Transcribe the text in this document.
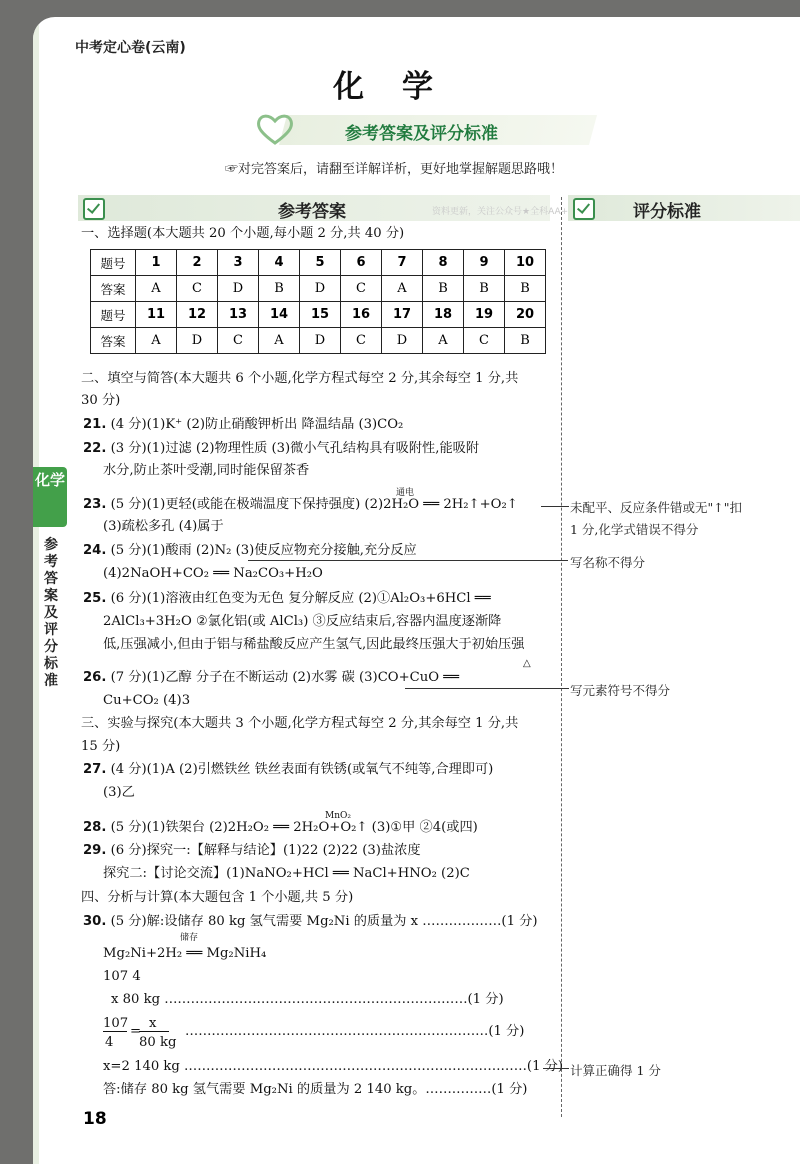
中考定心卷(云南)
化学
参考答案及评分标准
☞对完答案后，请翻至详解详析，更好地掌握解题思路哦！
参考答案	资料更新，关注公众号★全科AA+	评分标准
化学
参考答案及评分标准
一、选择题(本大题共 20 个小题,每小题 2 分,共 40 分)
题号	1	2	3	4	5	6	7	8	9	10
答案	A	C	D	B	D	C	A	B	B	B
题号	11	12	13	14	15	16	17	18	19	20
答案	A	D	C	A	D	C	D	A	C	B
二、填空与简答(本大题共 6 个小题,化学方程式每空 2 分,其余每空 1 分,共
30 分)
21. (4 分)(1)K⁺ (2)防止硝酸钾析出 降温结晶 (3)CO₂
22. (3 分)(1)过滤 (2)物理性质 (3)微小气孔结构具有吸附性,能吸附
水分,防止茶叶受潮,同时能保留茶香
通电
23. (5 分)(1)更轻(或能在极端温度下保持强度) (2)2H₂O ══ 2H₂↑+O₂↑
(3)疏松多孔 (4)属于
24. (5 分)(1)酸雨 (2)N₂ (3)使反应物充分接触,充分反应
(4)2NaOH+CO₂ ══ Na₂CO₃+H₂O
25. (6 分)(1)溶液由红色变为无色 复分解反应 (2)①Al₂O₃+6HCl ══
2AlCl₃+3H₂O ②氯化铝(或 AlCl₃) ③反应结束后,容器内温度逐渐降
低,压强减小,但由于铝与稀盐酸反应产生氢气,因此最终压强大于初始压强
△
26. (7 分)(1)乙醇 分子在不断运动 (2)水雾 碳 (3)CO+CuO ══
Cu+CO₂ (4)3
三、实验与探究(本大题共 3 个小题,化学方程式每空 2 分,其余每空 1 分,共
15 分)
27. (4 分)(1)A (2)引燃铁丝 铁丝表面有铁锈(或氧气不纯等,合理即可)
(3)乙
MnO₂
28. (5 分)(1)铁架台 (2)2H₂O₂ ══ 2H₂O+O₂↑ (3)①甲 ②4(或四)
29. (6 分)探究一:【解释与结论】(1)22 (2)22 (3)盐浓度
探究二:【讨论交流】(1)NaNO₂+HCl ══ NaCl+HNO₂ (2)C
四、分析与计算(本大题包含 1 个小题,共 5 分)
30. (5 分)解:设储存 80 kg 氢气需要 Mg₂Ni 的质量为 x ………………(1 分)
储存
Mg₂Ni+2H₂ ══ Mg₂NiH₄
107 4
x 80 kg ……………………………………………………………(1 分)
107
4
=
x
80 kg
……………………………………………………………(1 分)
x=2 140 kg ……………………………………………………………………(1 分)
答:储存 80 kg 氢气需要 Mg₂Ni 的质量为 2 140 kg。……………(1 分)
未配平、反应条件错或无"↑"扣
1 分,化学式错误不得分
写名称不得分
写元素符号不得分
计算正确得 1 分
18
